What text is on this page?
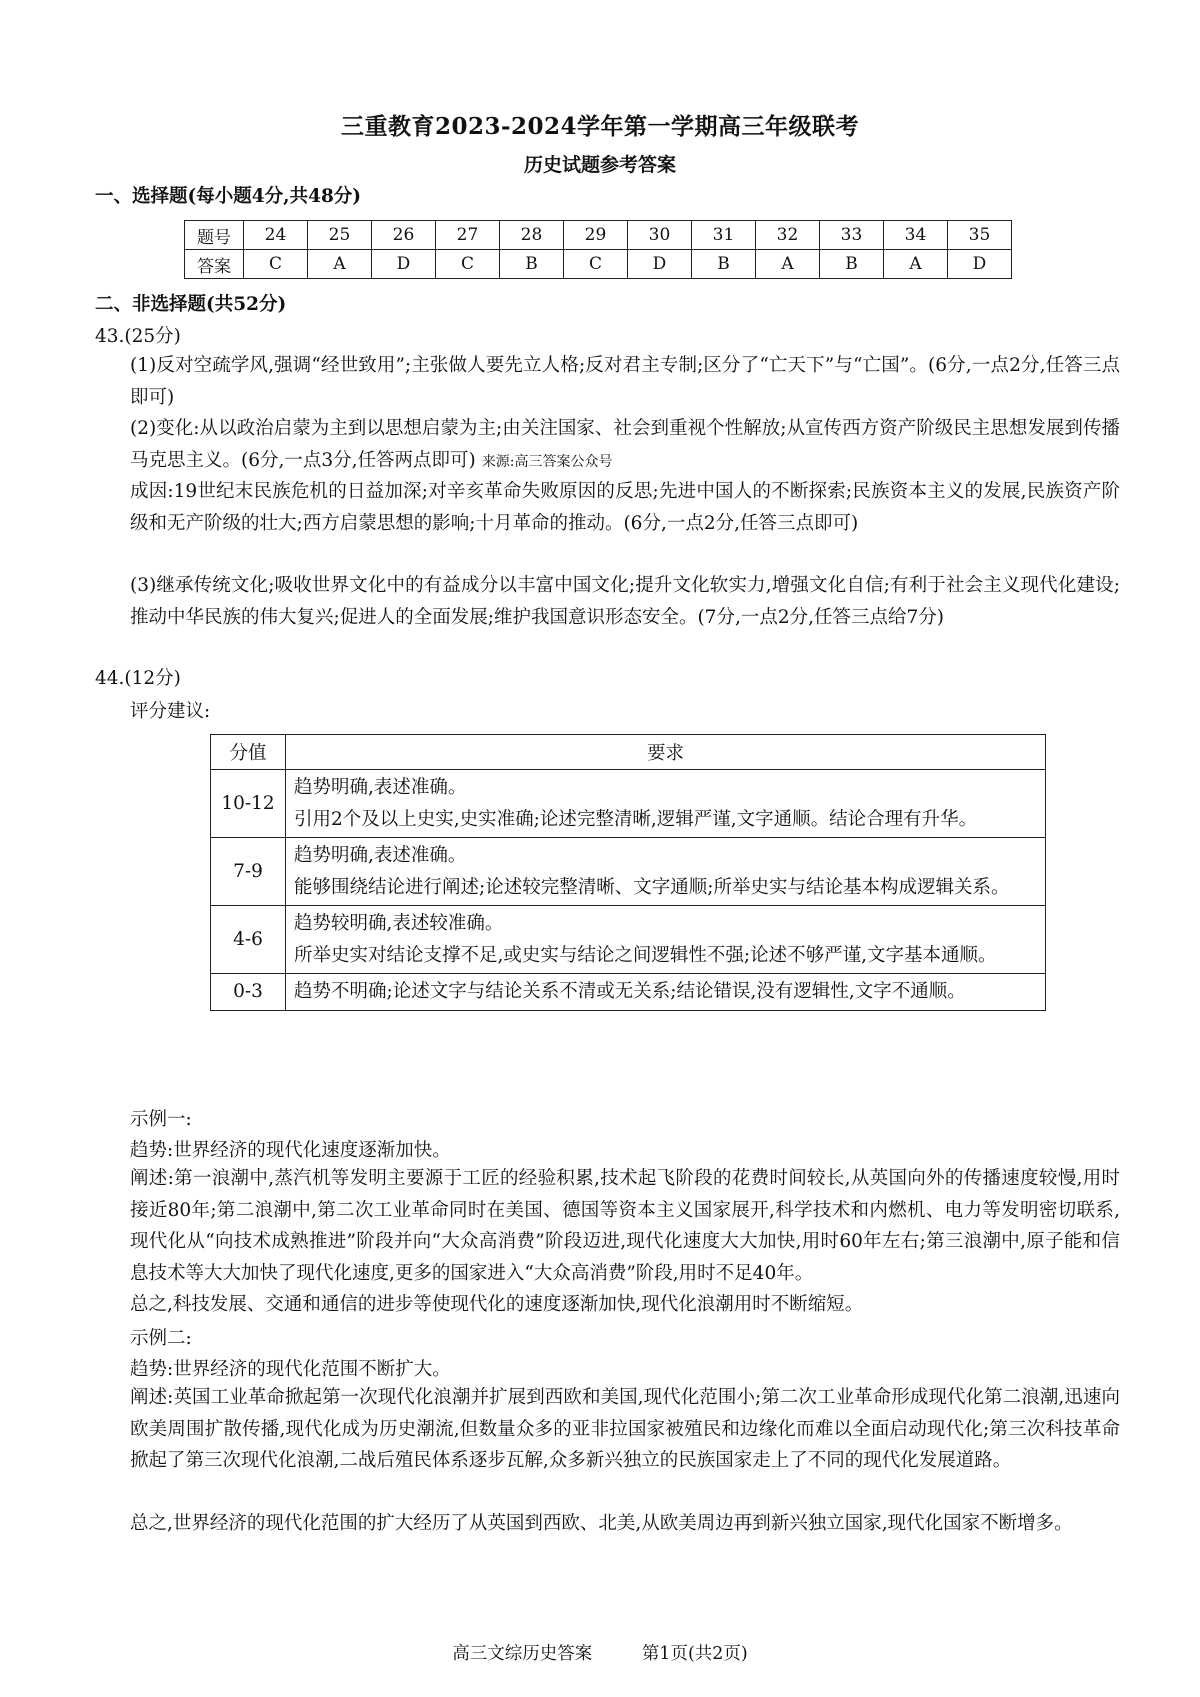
三重教育2023-2024学年第一学期高三年级联考
历史试题参考答案
一、选择题(每小题4分,共48分)
题号	24	25	26	27	28	29	30	31	32	33	34	35
答案	C	A	D	C	B	C	D	B	A	B	A	D
二、非选择题(共52分)
43.(25分)
(1)反对空疏学风,强调“经世致用”;主张做人要先立人格;反对君主专制;区分了“亡天下”与“亡国”。(6分,一点2分,任答三点即可)
(2)变化:从以政治启蒙为主到以思想启蒙为主;由关注国家、社会到重视个性解放;从宣传西方资产阶级民主思想发展到传播马克思主义。(6分,一点3分,任答两点即可) 来源:高三答案公众号
成因:19世纪末民族危机的日益加深;对辛亥革命失败原因的反思;先进中国人的不断探索;民族资本主义的发展,民族资产阶级和无产阶级的壮大;西方启蒙思想的影响;十月革命的推动。(6分,一点2分,任答三点即可)
(3)继承传统文化;吸收世界文化中的有益成分以丰富中国文化;提升文化软实力,增强文化自信;有利于社会主义现代化建设;推动中华民族的伟大复兴;促进人的全面发展;维护我国意识形态安全。(7分,一点2分,任答三点给7分)
44.(12分)
评分建议:
分值	要求
10-12	趋势明确,表述准确。
引用2个及以上史实,史实准确;论述完整清晰,逻辑严谨,文字通顺。结论合理有升华。

7-9	趋势明确,表述准确。
能够围绕结论进行阐述;论述较完整清晰、文字通顺;所举史实与结论基本构成逻辑关系。

4-6	趋势较明确,表述较准确。
所举史实对结论支撑不足,或史实与结论之间逻辑性不强;论述不够严谨,文字基本通顺。

0-3	趋势不明确;论述文字与结论关系不清或无关系;结论错误,没有逻辑性,文字不通顺。
示例一:
趋势:世界经济的现代化速度逐渐加快。
阐述:第一浪潮中,蒸汽机等发明主要源于工匠的经验积累,技术起飞阶段的花费时间较长,从英国向外的传播速度较慢,用时接近80年;第二浪潮中,第二次工业革命同时在美国、德国等资本主义国家展开,科学技术和内燃机、电力等发明密切联系,现代化从“向技术成熟推进”阶段并向“大众高消费”阶段迈进,现代化速度大大加快,用时60年左右;第三浪潮中,原子能和信息技术等大大加快了现代化速度,更多的国家进入“大众高消费”阶段,用时不足40年。
总之,科技发展、交通和通信的进步等使现代化的速度逐渐加快,现代化浪潮用时不断缩短。
示例二:
趋势:世界经济的现代化范围不断扩大。
阐述:英国工业革命掀起第一次现代化浪潮并扩展到西欧和美国,现代化范围小;第二次工业革命形成现代化第二浪潮,迅速向欧美周围扩散传播,现代化成为历史潮流,但数量众多的亚非拉国家被殖民和边缘化而难以全面启动现代化;第三次科技革命掀起了第三次现代化浪潮,二战后殖民体系逐步瓦解,众多新兴独立的民族国家走上了不同的现代化发展道路。
总之,世界经济的现代化范围的扩大经历了从英国到西欧、北美,从欧美周边再到新兴独立国家,现代化国家不断增多。
高三文综历史答案	第1页(共2页)
